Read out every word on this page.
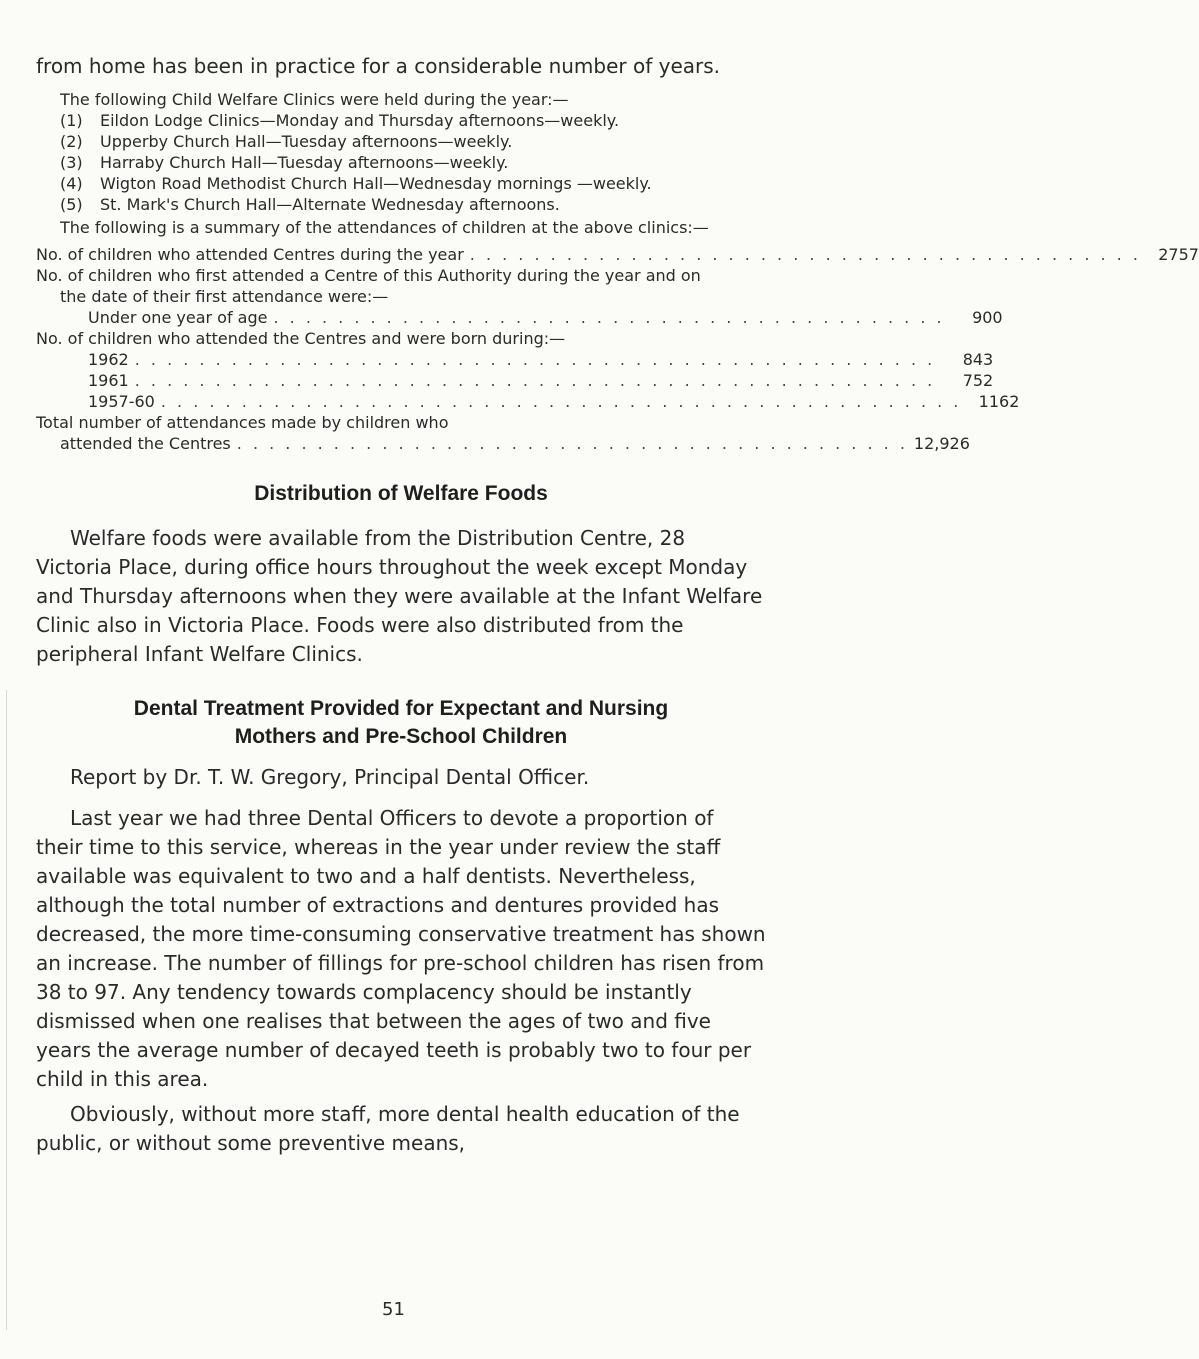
from home has been in practice for a considerable number of years.

The following Child Welfare Clinics were held during the year:—

(1)	Eildon Lodge Clinics—Monday and Thursday afternoons—weekly.

(2)	Upperby Church Hall—Tuesday afternoons—weekly.

(3)	Harraby Church Hall—Tuesday afternoons—weekly.

(4)	Wigton Road Methodist Church Hall—Wednesday mornings —weekly.

(5)	St. Mark's Church Hall—Alternate Wednesday afternoons.

The following is a summary of the attendances of children at the above clinics:—

No. of children who attended Centres during the year . . . . . . . . . . . . . . . . . . . . . . . . . . . . . . . . . . . . . . . . . .	2757

No. of children who first attended a Centre of this Authority during the year and on the date of their first attendance were:—

Under one year of age . . . . . . . . . . . . . . . . . . . . . . . . . . . . . . . . . . . . . . . . . .	900

No. of children who attended the Centres and were born during:—

1962 . . . . . . . . . . . . . . . . . . . . . . . . . . . . . . . . . . . . . . . . . . . . . . . . . .	843
1961 . . . . . . . . . . . . . . . . . . . . . . . . . . . . . . . . . . . . . . . . . . . . . . . . . .	752
1957-60 . . . . . . . . . . . . . . . . . . . . . . . . . . . . . . . . . . . . . . . . . . . . . . . . . .	1162

Total number of attendances made by children who

attended the Centres . . . . . . . . . . . . . . . . . . . . . . . . . . . . . . . . . . . . . . . . . . 12,926
Distribution of Welfare Foods

Welfare foods were available from the Distribution Centre, 28 Victoria Place, during office hours throughout the week except Monday and Thursday afternoons when they were available at the Infant Welfare Clinic also in Victoria Place. Foods were also distributed from the peripheral Infant Welfare Clinics.

Dental Treatment Provided for Expectant and Nursing
Mothers and Pre-School Children

Report by Dr. T. W. Gregory, Principal Dental Officer.

Last year we had three Dental Officers to devote a proportion of their time to this service, whereas in the year under review the staff available was equivalent to two and a half dentists. Nevertheless, although the total number of extractions and dentures provided has decreased, the more time-consuming conservative treatment has shown an increase. The number of fillings for pre-school children has risen from 38 to 97. Any tendency towards complacency should be instantly dismissed when one realises that between the ages of two and five years the average number of decayed teeth is probably two to four per child in this area.

Obviously, without more staff, more dental health education of the public, or without some preventive means,

51
